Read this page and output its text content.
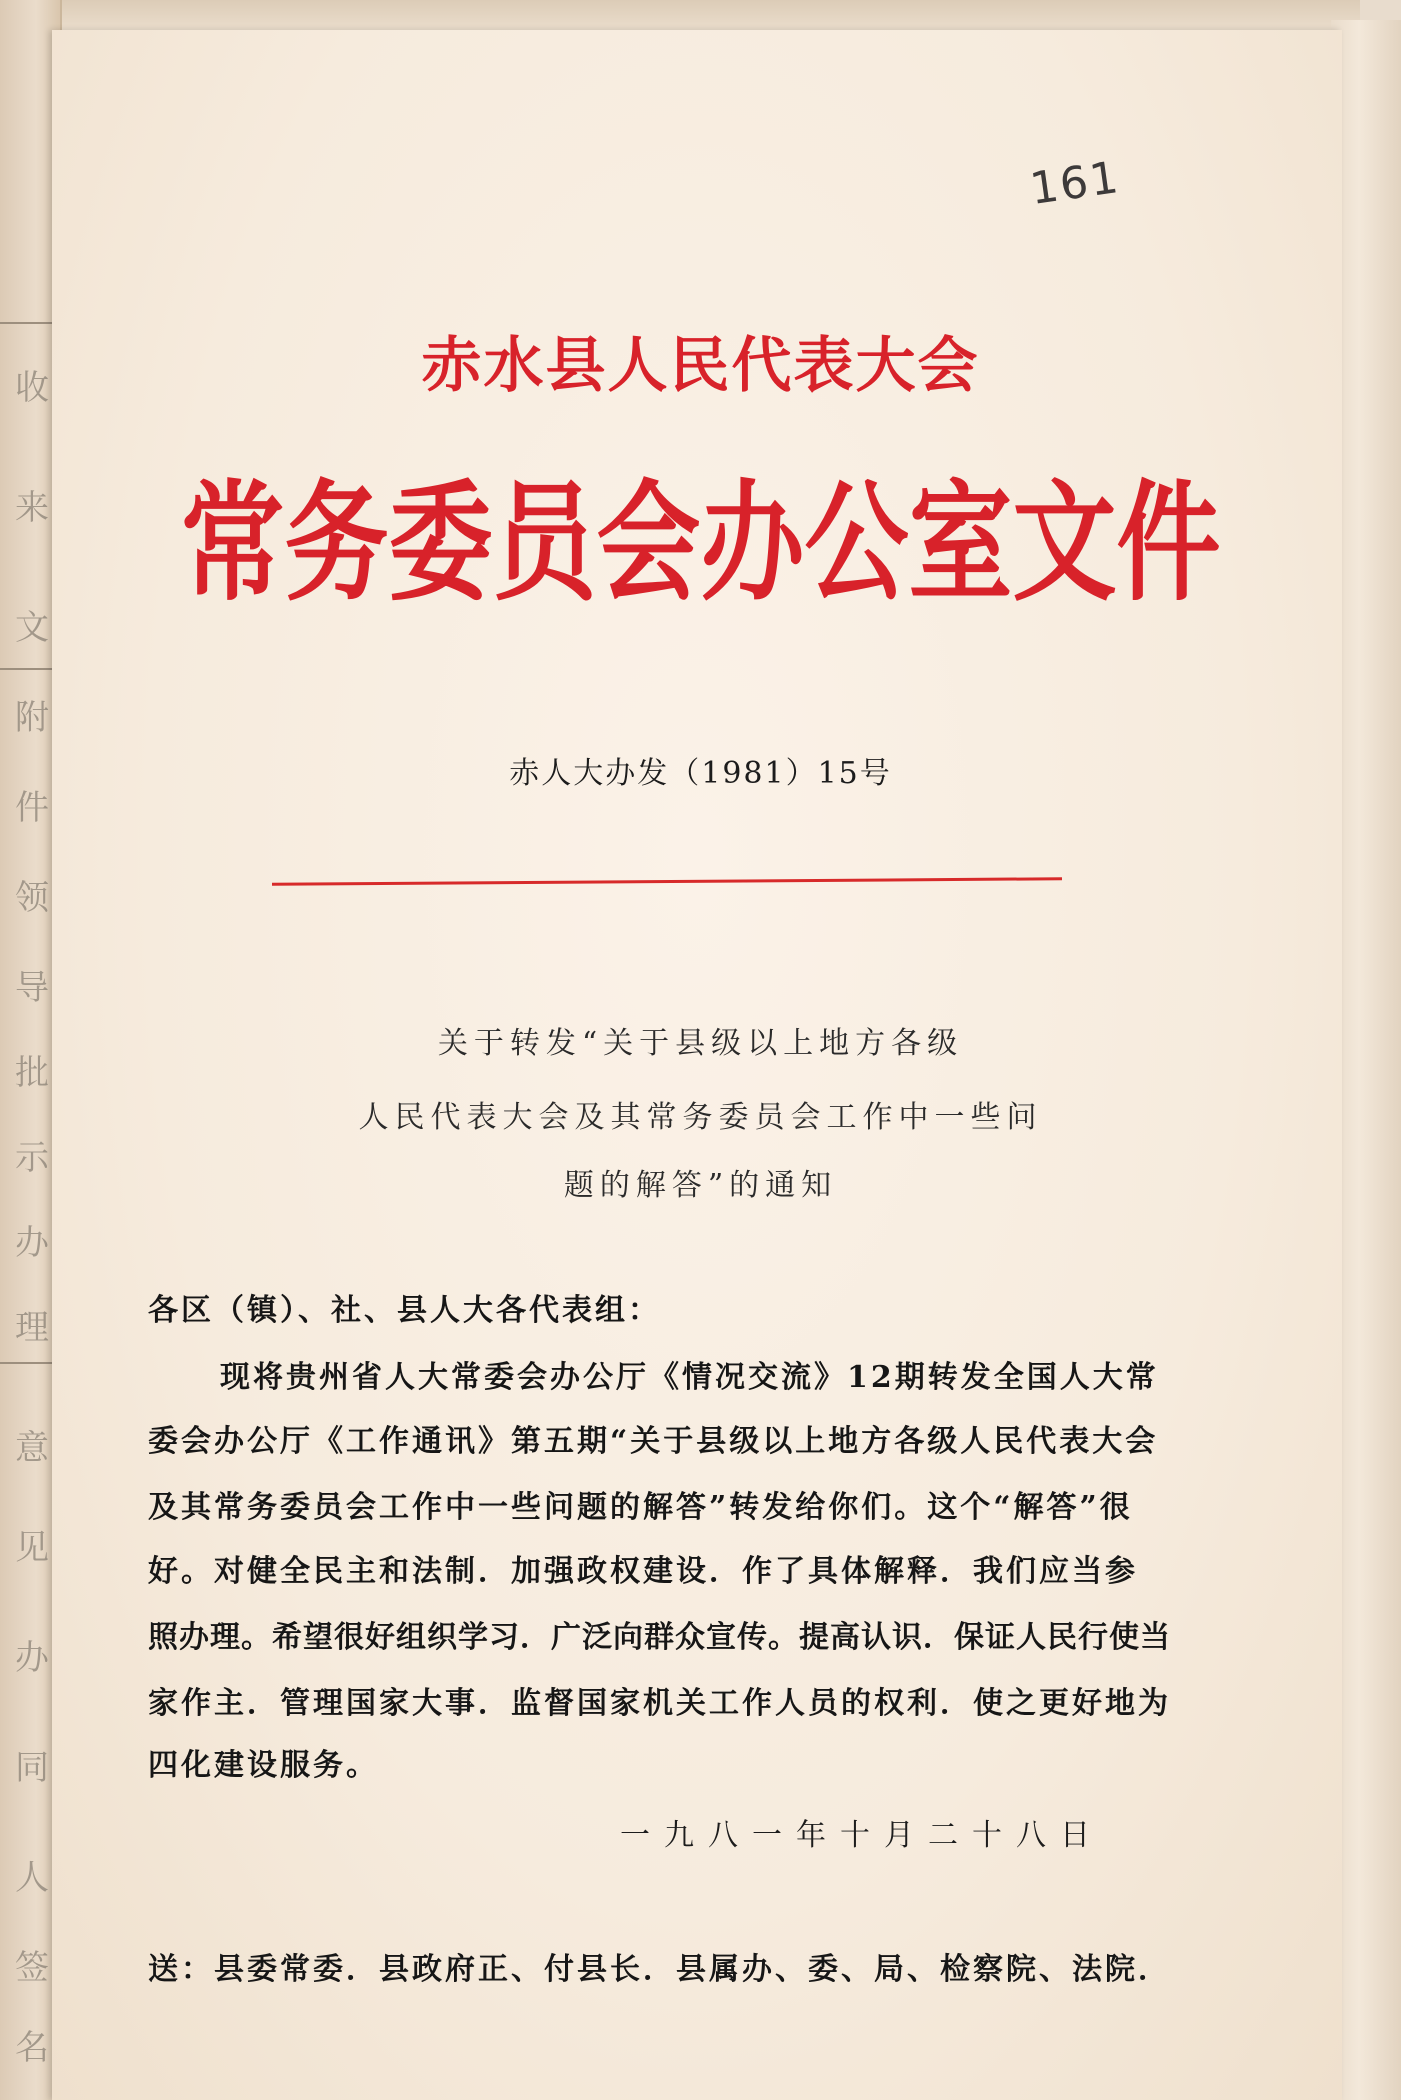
收
来
文
附
件
领
导
批
示
办
理
意
见
办
同
人
签
名
161
赤水县人民代表大会
常务委员会办公室文件
赤人大办发（1981）15号
关于转发“关于县级以上地方各级
人民代表大会及其常务委员会工作中一些问
题的解答”的通知
各区（镇）、社、县人大各代表组：
现将贵州省人大常委会办公厅《情况交流》12期转发全国人大常
委会办公厅《工作通讯》第五期“关于县级以上地方各级人民代表大会
及其常务委员会工作中一些问题的解答”转发给你们。这个“解答”很
好。对健全民主和法制．加强政权建设．作了具体解释．我们应当参
照办理。希望很好组织学习．广泛向群众宣传。提高认识．保证人民行使当
家作主．管理国家大事．监督国家机关工作人员的权利．使之更好地为
四化建设服务。
一九八一年十月二十八日
送：县委常委．县政府正、付县长．县属办、委、局、检察院、法院．
